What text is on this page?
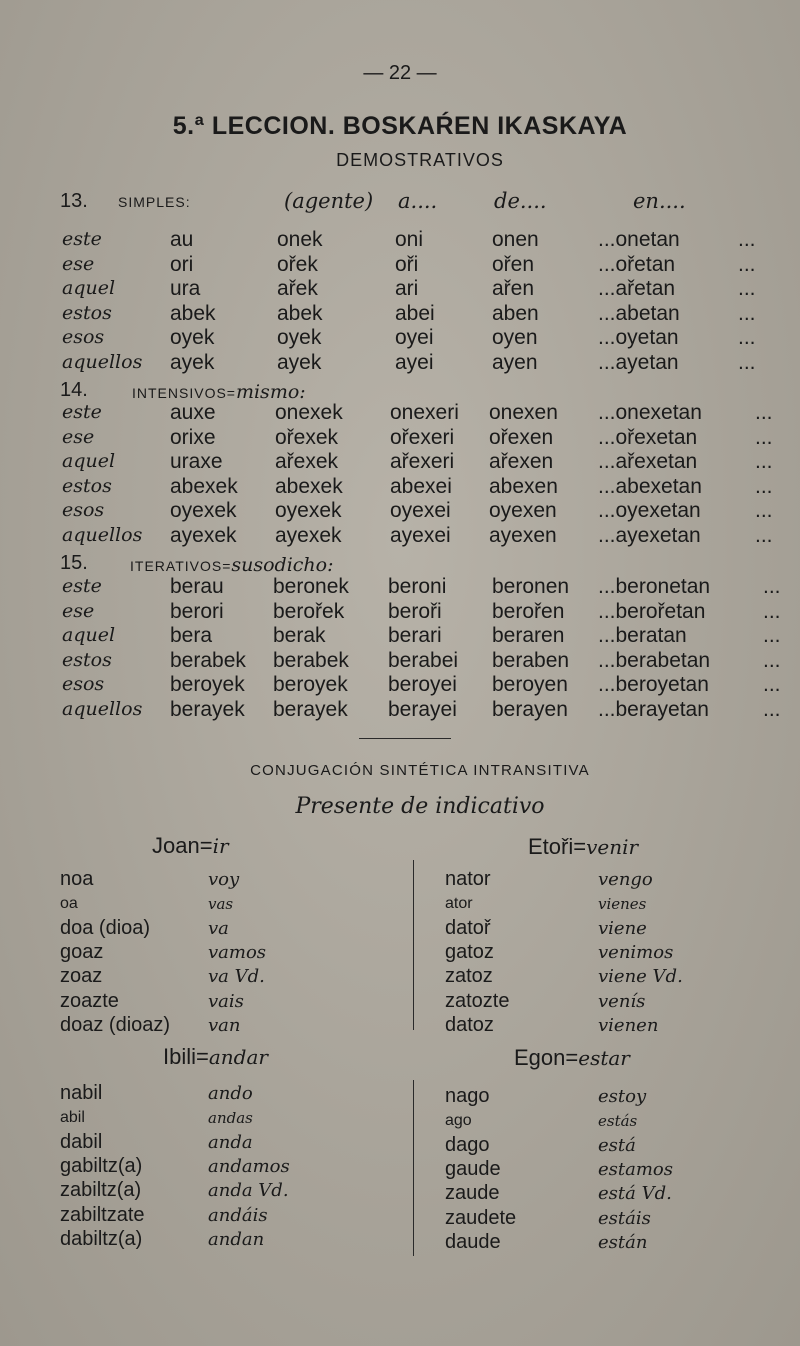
— 22 —
5.ª LECCION. BOSKAŔEN IKASKAYA
DEMOSTRATIVOS
13. SIMPLES:	(agente) a....	de....	en....
este	au	onek	oni	onen	...onetan	...
ese	ori	ořek	oři	ořen	...ořetan	...
aquel	ura	ařek	ari	ařen	...ařetan	...
estos	abek	abek	abei	aben	...abetan	...
esos	oyek	oyek	oyei	oyen	...oyetan	...
aquellos ayek	ayek	ayei	ayen	...ayetan	...
14.	INTENSIVOS=mismo:
este	auxe	onexek onexeri onexen ...onexetan	...
ese	orixe	ořexek ořexeri ořexen ...ořexetan	...
aquel	uraxe ařexek ařexeri ařexen ...ařexetan	...
estos	abexek abexek abexei abexen ...abexetan	...
esos	oyexek oyexek oyexei oyexen ...oyexetan	...
aquellos ayexek ayexek ayexei ayexen ...ayexetan	...
15.	ITERATIVOS=susodicho:
este	berau beronek beroni beronen ...beronetan	...
ese	berori berořek beroři berořen ...berořetan	...
aquel	bera	berak	berari beraren ...beratan	...
estos	berabek berabek berabei beraben ...berabetan	...
esos	beroyek beroyek beroyei beroyen ...beroyetan	...
aquellos berayek berayek berayei berayen ...berayetan	...
CONJUGACIÓN SINTÉTICA INTRANSITIVA
Presente de indicativo
Joan=ir
noa	voy
oa	vas
doa (dioa)	va
goaz	vamos
zoaz	va Vd.
zoazte	vais
doaz (dioaz) van
Etoři=venir
nator	vengo
ator	vienes
datoř	viene
gatoz	venimos
zatoz	viene Vd.
zatozte	venís
datoz	vienen
Ibili=andar
nabil	ando
abil	andas
dabil	anda
gabiltz(a)	andamos
zabiltz(a)	anda Vd.
zabiltzate	andáis
dabiltz(a)	andan
Egon=estar
nago	estoy
ago	estás
dago	está
gaude	estamos
zaude	está Vd.
zaudete	estáis
daude	están
